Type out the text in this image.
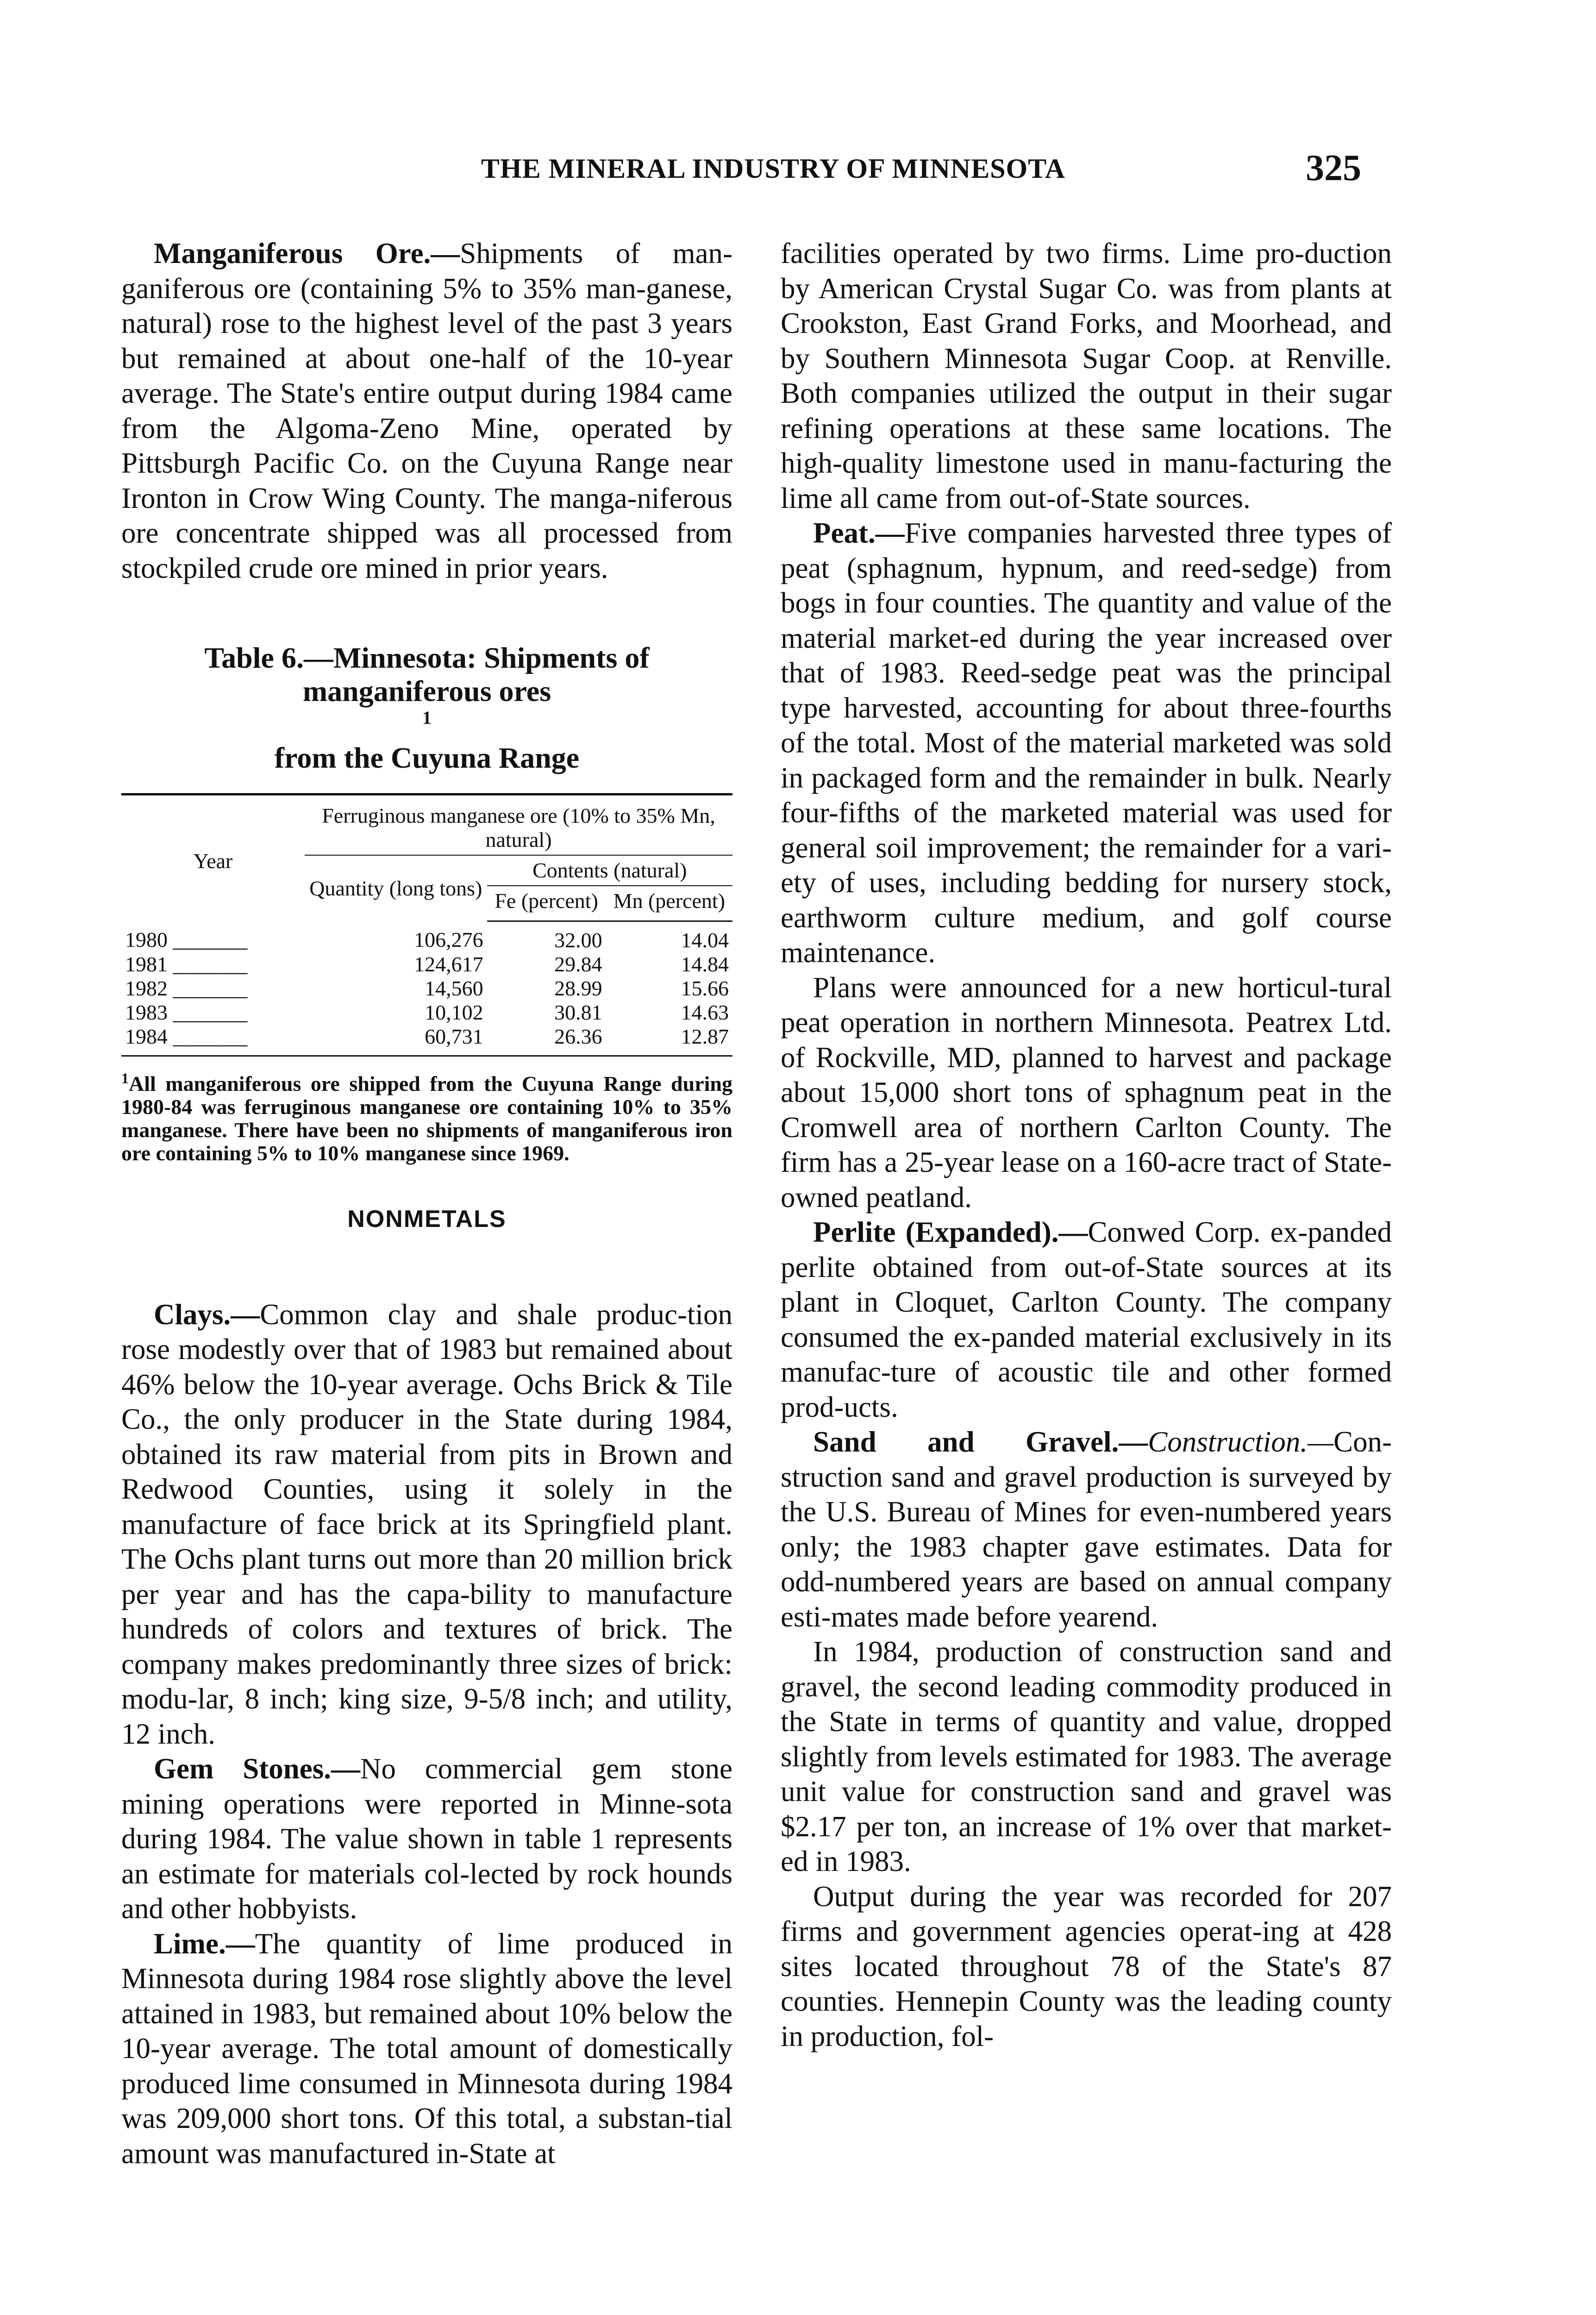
THE MINERAL INDUSTRY OF MINNESOTA	325

Manganiferous Ore.—Shipments of man-ganiferous ore (containing 5% to 35% man-ganese, natural) rose to the highest level of the past 3 years but remained at about one-half of the 10-year average. The State's entire output during 1984 came from the Algoma-Zeno Mine, operated by Pittsburgh Pacific Co. on the Cuyuna Range near Ironton in Crow Wing County. The manga-niferous ore concentrate shipped was all processed from stockpiled crude ore mined in prior years.

Table 6.—Minnesota: Shipments of
manganiferous ores
$^1$
from the Cuyuna Range
Year	Ferruginous manganese ore (10% to 35% Mn, natural)		
	Quantity (long tons)	Contents (natural)	
		Fe (percent)	Mn (percent)
1980 _______	106,276	32.00	14.04
1981 _______	124,617	29.84	14.84
1982 _______	14,560	28.99	15.66
1983 _______	10,102	30.81	14.63
1984 _______	60,731	26.36	12.87
$^1$All manganiferous ore shipped from the Cuyuna Range during 1980-84 was ferruginous manganese ore containing 10% to 35% manganese. There have been no shipments of manganiferous iron ore containing 5% to 10% manganese since 1969.
NONMETALS

Clays.—Common clay and shale produc-tion rose modestly over that of 1983 but remained about 46% below the 10-year average. Ochs Brick & Tile Co., the only producer in the State during 1984, obtained its raw material from pits in Brown and Redwood Counties, using it solely in the manufacture of face brick at its Springfield plant. The Ochs plant turns out more than 20 million brick per year and has the capa-bility to manufacture hundreds of colors and textures of brick. The company makes predominantly three sizes of brick: modu-lar, 8 inch; king size, 9-5/8 inch; and utility, 12 inch.

Gem Stones.—No commercial gem stone mining operations were reported in Minne-sota during 1984. The value shown in table 1 represents an estimate for materials col-lected by rock hounds and other hobbyists.

Lime.—The quantity of lime produced in Minnesota during 1984 rose slightly above the level attained in 1983, but remained about 10% below the 10-year average. The total amount of domestically produced lime consumed in Minnesota during 1984 was 209,000 short tons. Of this total, a substan-tial amount was manufactured in-State at

facilities operated by two firms. Lime pro-duction by American Crystal Sugar Co. was from plants at Crookston, East Grand Forks, and Moorhead, and by Southern Minnesota Sugar Coop. at Renville. Both companies utilized the output in their sugar refining operations at these same locations. The high-quality limestone used in manu-facturing the lime all came from out-of-State sources.

Peat.—Five companies harvested three types of peat (sphagnum, hypnum, and reed-sedge) from bogs in four counties. The quantity and value of the material market-ed during the year increased over that of 1983. Reed-sedge peat was the principal type harvested, accounting for about three-fourths of the total. Most of the material marketed was sold in packaged form and the remainder in bulk. Nearly four-fifths of the marketed material was used for general soil improvement; the remainder for a vari-ety of uses, including bedding for nursery stock, earthworm culture medium, and golf course maintenance.

Plans were announced for a new horticul-tural peat operation in northern Minnesota. Peatrex Ltd. of Rockville, MD, planned to harvest and package about 15,000 short tons of sphagnum peat in the Cromwell area of northern Carlton County. The firm has a 25-year lease on a 160-acre tract of State-owned peatland.

Perlite (Expanded).—Conwed Corp. ex-panded perlite obtained from out-of-State sources at its plant in Cloquet, Carlton County. The company consumed the ex-panded material exclusively in its manufac-ture of acoustic tile and other formed prod-ucts.

Sand and Gravel.—Construction.—Con-struction sand and gravel production is surveyed by the U.S. Bureau of Mines for even-numbered years only; the 1983 chapter gave estimates. Data for odd-numbered years are based on annual company esti-mates made before yearend.

In 1984, production of construction sand and gravel, the second leading commodity produced in the State in terms of quantity and value, dropped slightly from levels estimated for 1983. The average unit value for construction sand and gravel was $2.17 per ton, an increase of 1% over that market-ed in 1983.

Output during the year was recorded for 207 firms and government agencies operat-ing at 428 sites located throughout 78 of the State's 87 counties. Hennepin County was the leading county in production, fol-
